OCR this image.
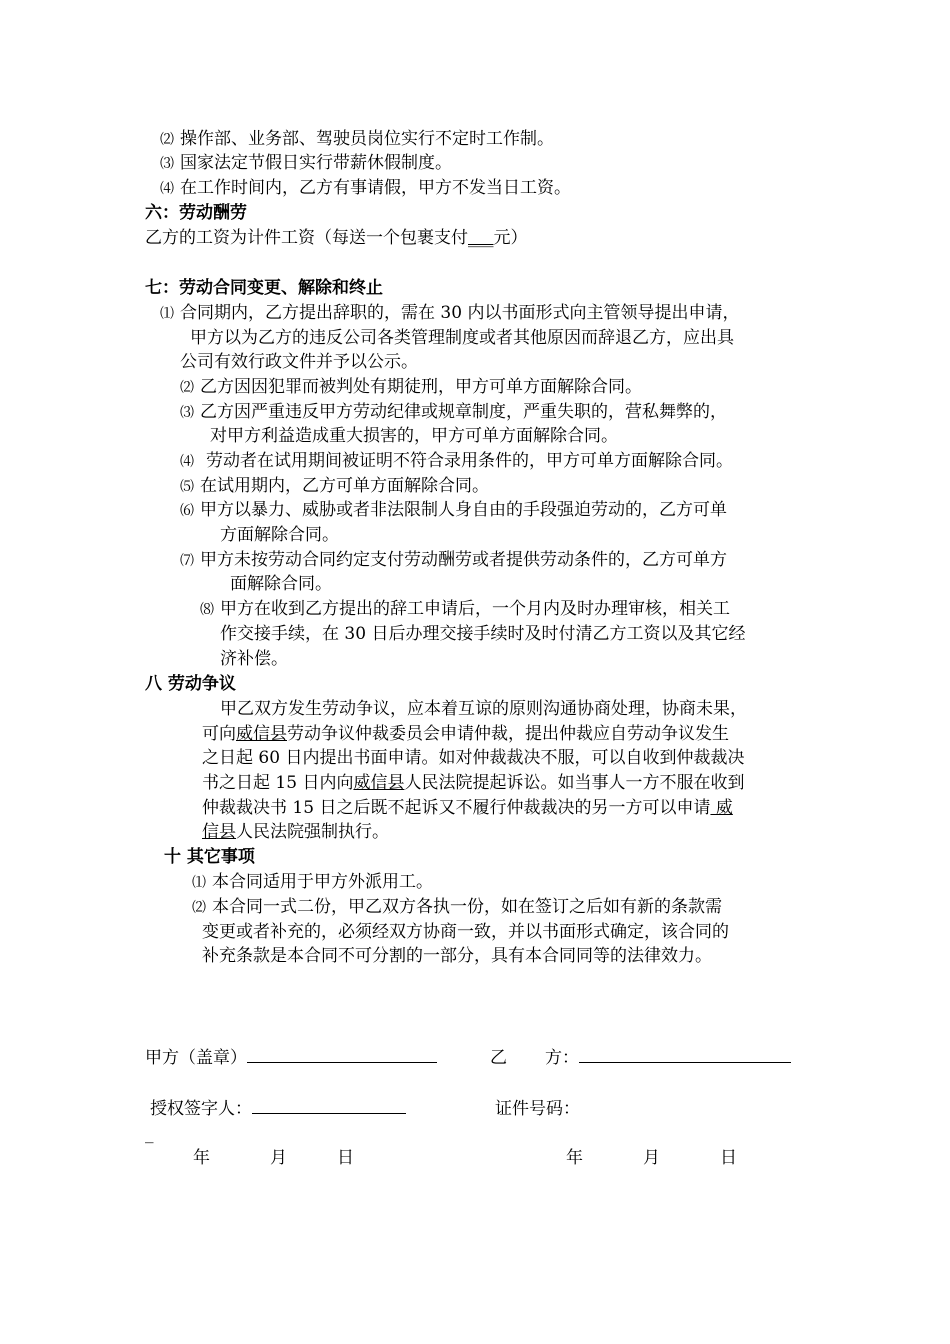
⑵ 操作部、业务部、驾驶员岗位实行不定时工作制。
⑶ 国家法定节假日实行带薪休假制度。
⑷ 在工作时间内，乙方有事请假，甲方不发当日工资。
六：劳动酬劳
乙方的工资为计件工资（每送一个包裹支付___元）
七：劳动合同变更、解除和终止
⑴ 合同期内，乙方提出辞职的，需在 30 内以书面形式向主管领导提出申请，
甲方以为乙方的违反公司各类管理制度或者其他原因而辞退乙方，应出具
公司有效行政文件并予以公示。
⑵ 乙方因因犯罪而被判处有期徒刑，甲方可单方面解除合同。
⑶ 乙方因严重违反甲方劳动纪律或规章制度，严重失职的，营私舞弊的，
对甲方利益造成重大损害的，甲方可单方面解除合同。
⑷ 劳动者在试用期间被证明不符合录用条件的，甲方可单方面解除合同。
⑸ 在试用期内，乙方可单方面解除合同。
⑹ 甲方以暴力、威胁或者非法限制人身自由的手段强迫劳动的，乙方可单
方面解除合同。
⑺ 甲方未按劳动合同约定支付劳动酬劳或者提供劳动条件的，乙方可单方
面解除合同。
⑻ 甲方在收到乙方提出的辞工申请后，一个月内及时办理审核，相关工
作交接手续，在 30 日后办理交接手续时及时付清乙方工资以及其它经
济补偿。
八 劳动争议
甲乙双方发生劳动争议，应本着互谅的原则沟通协商处理，协商未果，
可向威信县劳动争议仲裁委员会申请仲裁，提出仲裁应自劳动争议发生
之日起 60 日内提出书面申请。如对仲裁裁决不服，可以自收到仲裁裁决
书之日起 15 日内向威信县人民法院提起诉讼。如当事人一方不服在收到
仲裁裁决书 15 日之后既不起诉又不履行仲裁裁决的另一方可以申请 威
信县人民法院强制执行。
十 其它事项
⑴ 本合同适用于甲方外派用工。
⑵ 本合同一式二份，甲乙双方各执一份，如在签订之后如有新的条款需
变更或者补充的，必须经双方协商一致，并以书面形式确定，该合同的
补充条款是本合同不可分割的一部分，具有本合同同等的法律效力。
甲方（盖章）	乙 方：
授权签字人：	证件号码：
_
年	月	日	年	月	日
